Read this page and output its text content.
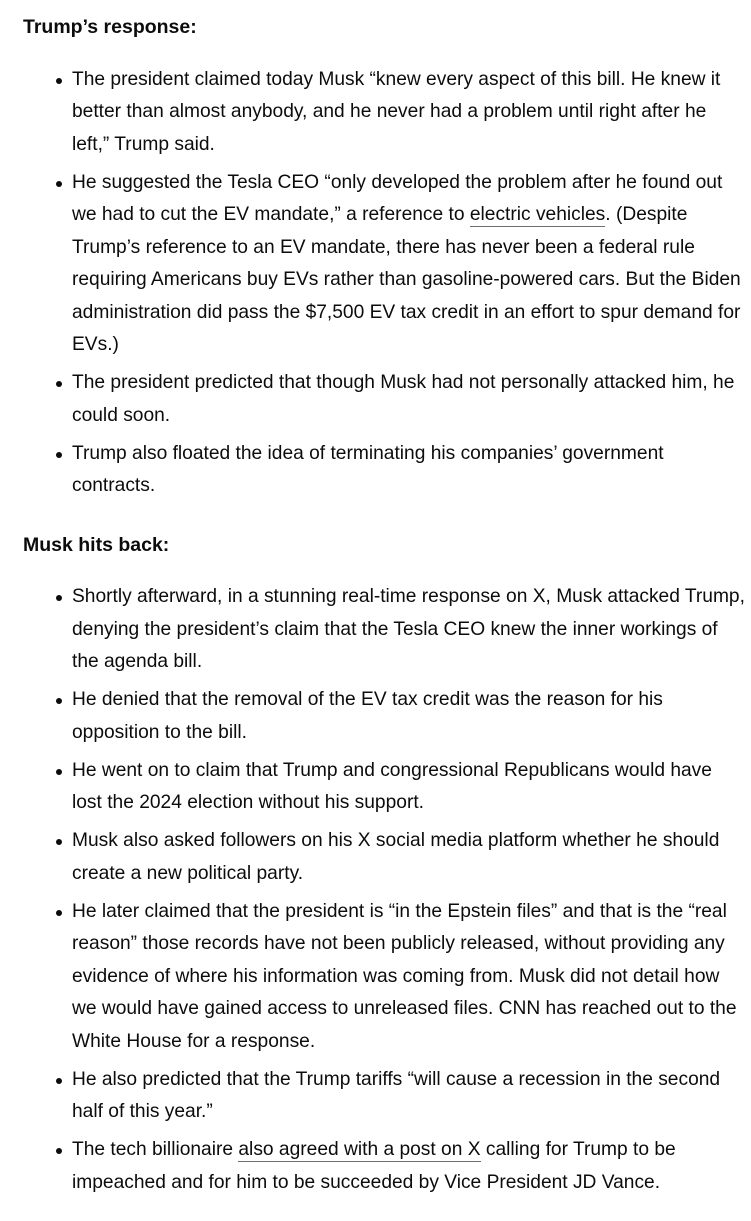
Trump’s response:
The president claimed today Musk “knew every aspect of this bill. He knew it better than almost anybody, and he never had a problem until right after he left,” Trump said.
He suggested the Tesla CEO “only developed the problem after he found out we had to cut the EV mandate,” a reference to electric vehicles. (Despite Trump’s reference to an EV mandate, there has never been a federal rule requiring Americans buy EVs rather than gasoline-powered cars. But the Biden administration did pass the $7,500 EV tax credit in an effort to spur demand for EVs.)
The president predicted that though Musk had not personally attacked him, he could soon.
Trump also floated the idea of terminating his companies’ government contracts.
Musk hits back:
Shortly afterward, in a stunning real-time response on X, Musk attacked Trump, denying the president’s claim that the Tesla CEO knew the inner workings of the agenda bill.
He denied that the removal of the EV tax credit was the reason for his opposition to the bill.
He went on to claim that Trump and congressional Republicans would have lost the 2024 election without his support.
Musk also asked followers on his X social media platform whether he should create a new political party.
He later claimed that the president is “in the Epstein files” and that is the “real reason” those records have not been publicly released, without providing any evidence of where his information was coming from. Musk did not detail how we would have gained access to unreleased files. CNN has reached out to the White House for a response.
He also predicted that the Trump tariffs “will cause a recession in the second half of this year.”
The tech billionaire also agreed with a post on X calling for Trump to be impeached and for him to be succeeded by Vice President JD Vance.
